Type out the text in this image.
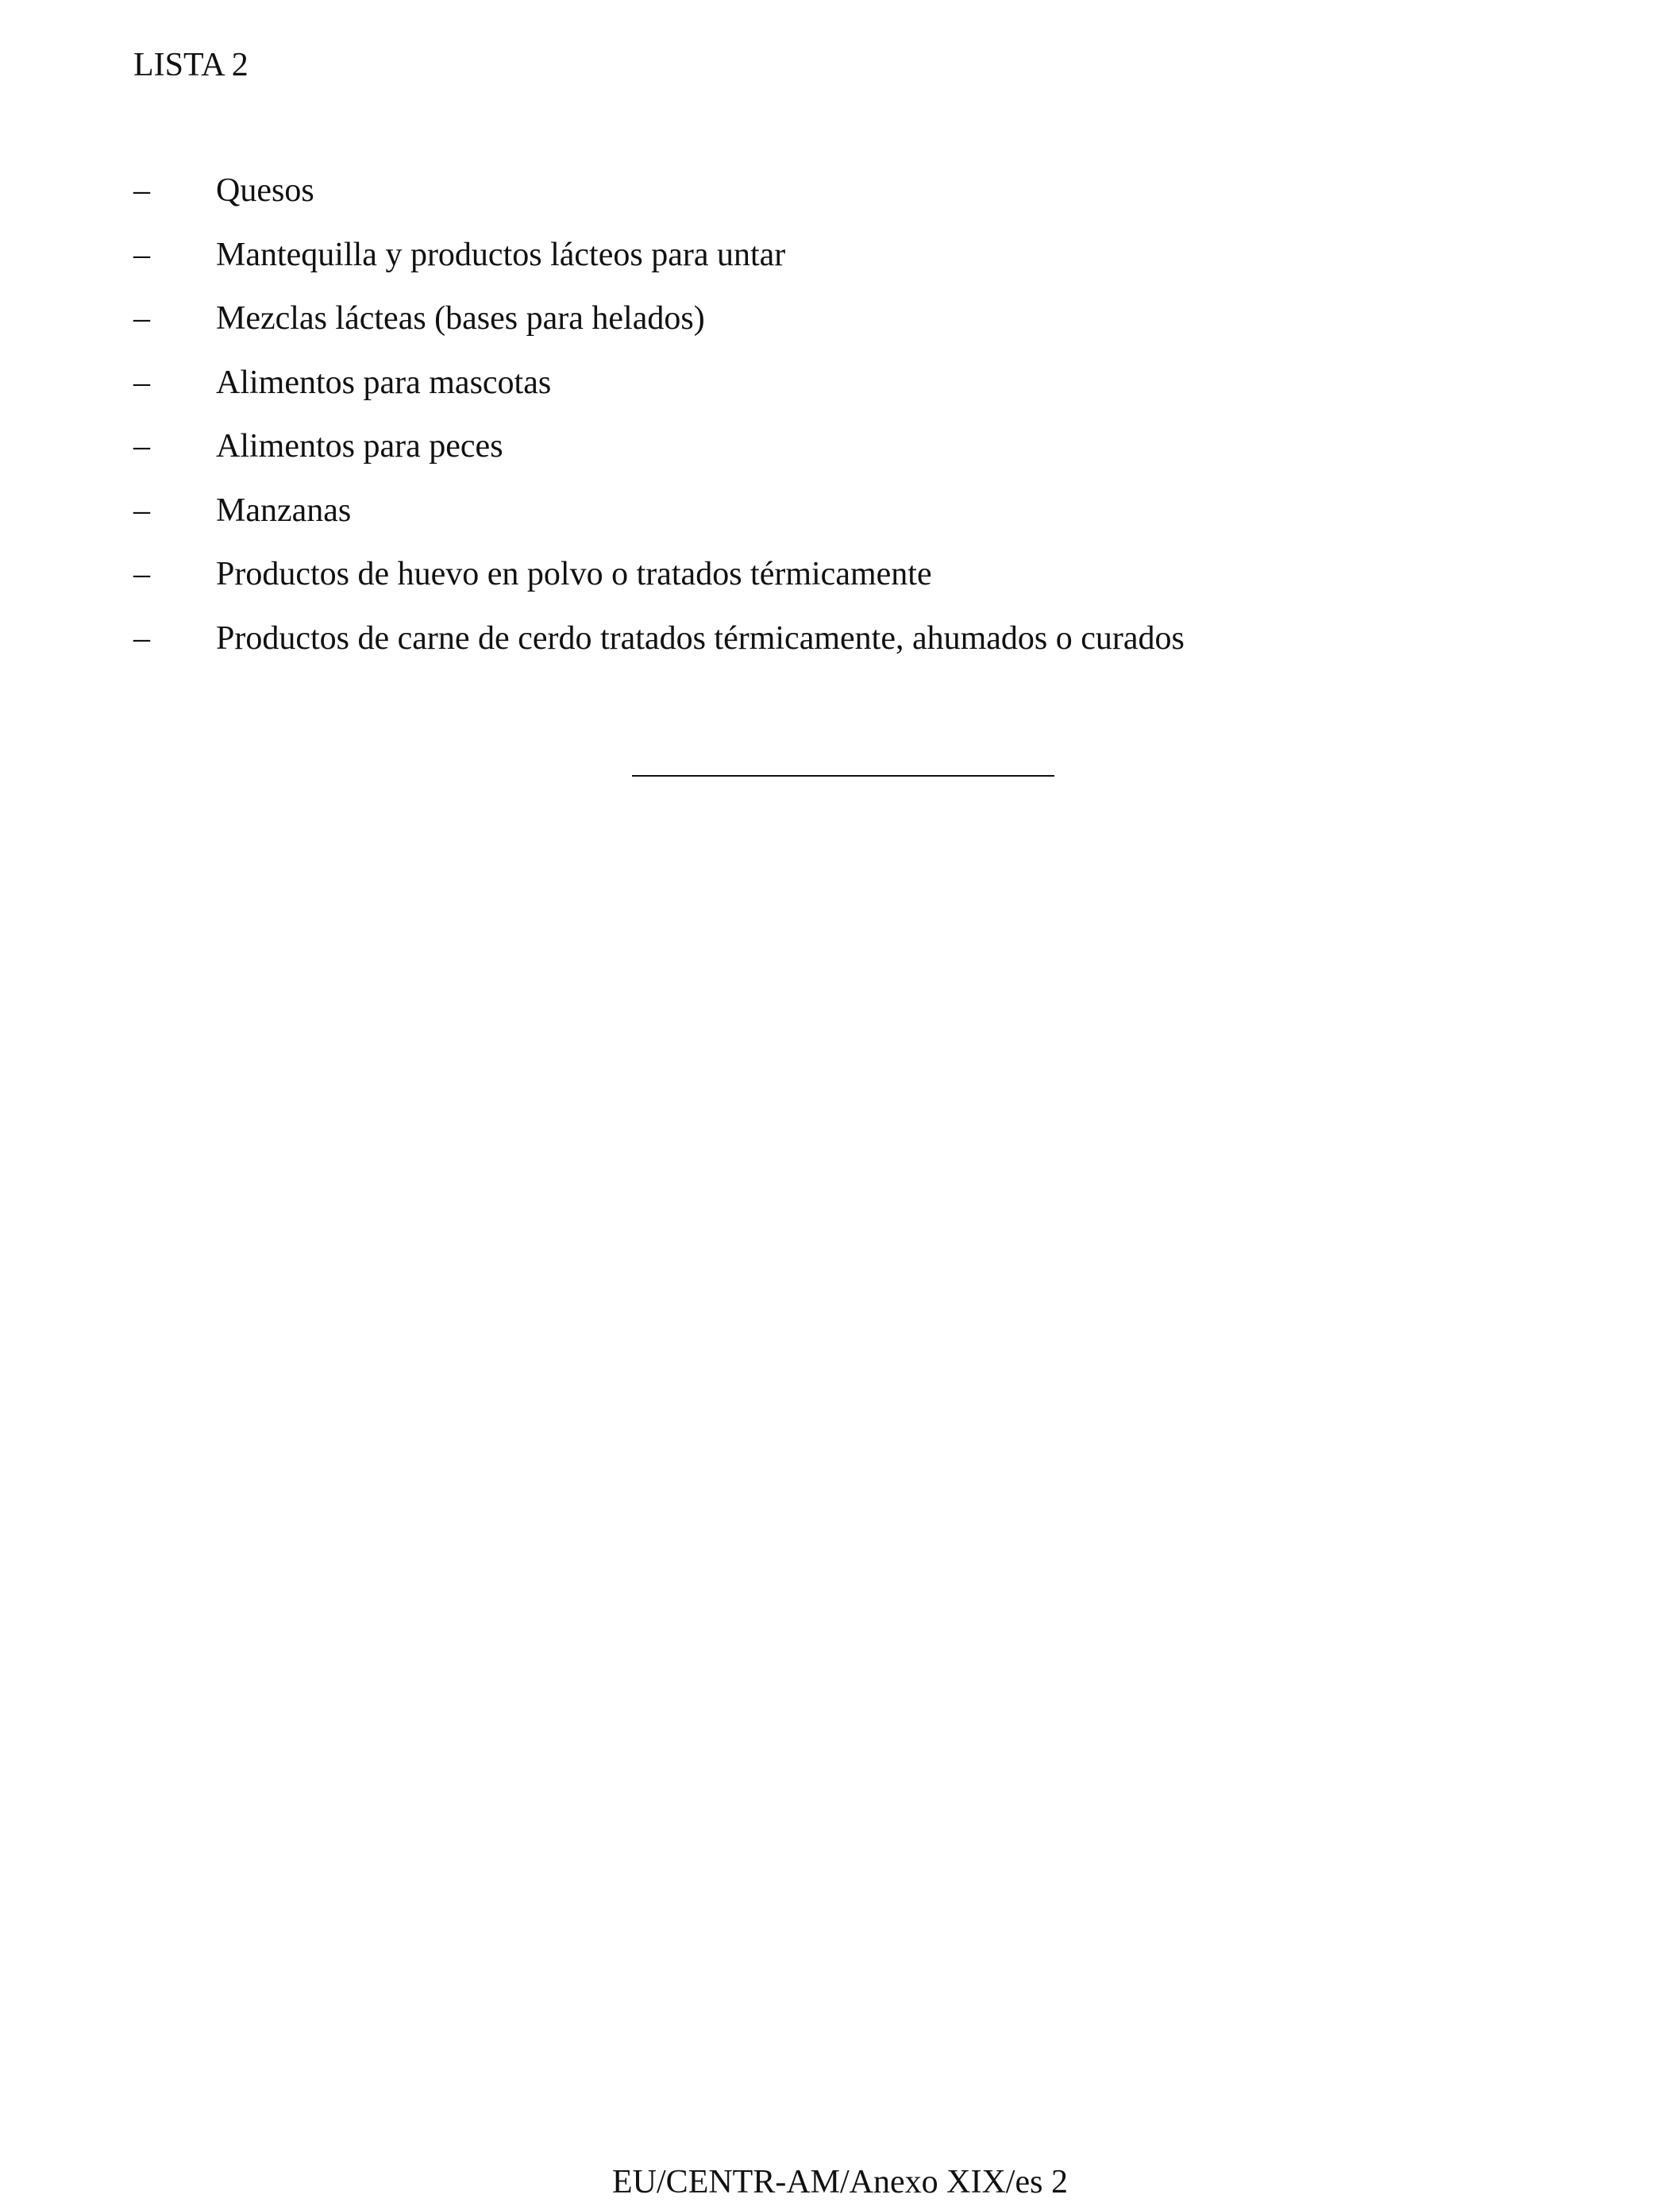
LISTA 2
–	Quesos
–	Mantequilla y productos lácteos para untar
–	Mezclas lácteas (bases para helados)
–	Alimentos para mascotas
–	Alimentos para peces
–	Manzanas
–	Productos de huevo en polvo o tratados térmicamente
–	Productos de carne de cerdo tratados térmicamente, ahumados o curados
EU/CENTR-AM/Anexo XIX/es 2
